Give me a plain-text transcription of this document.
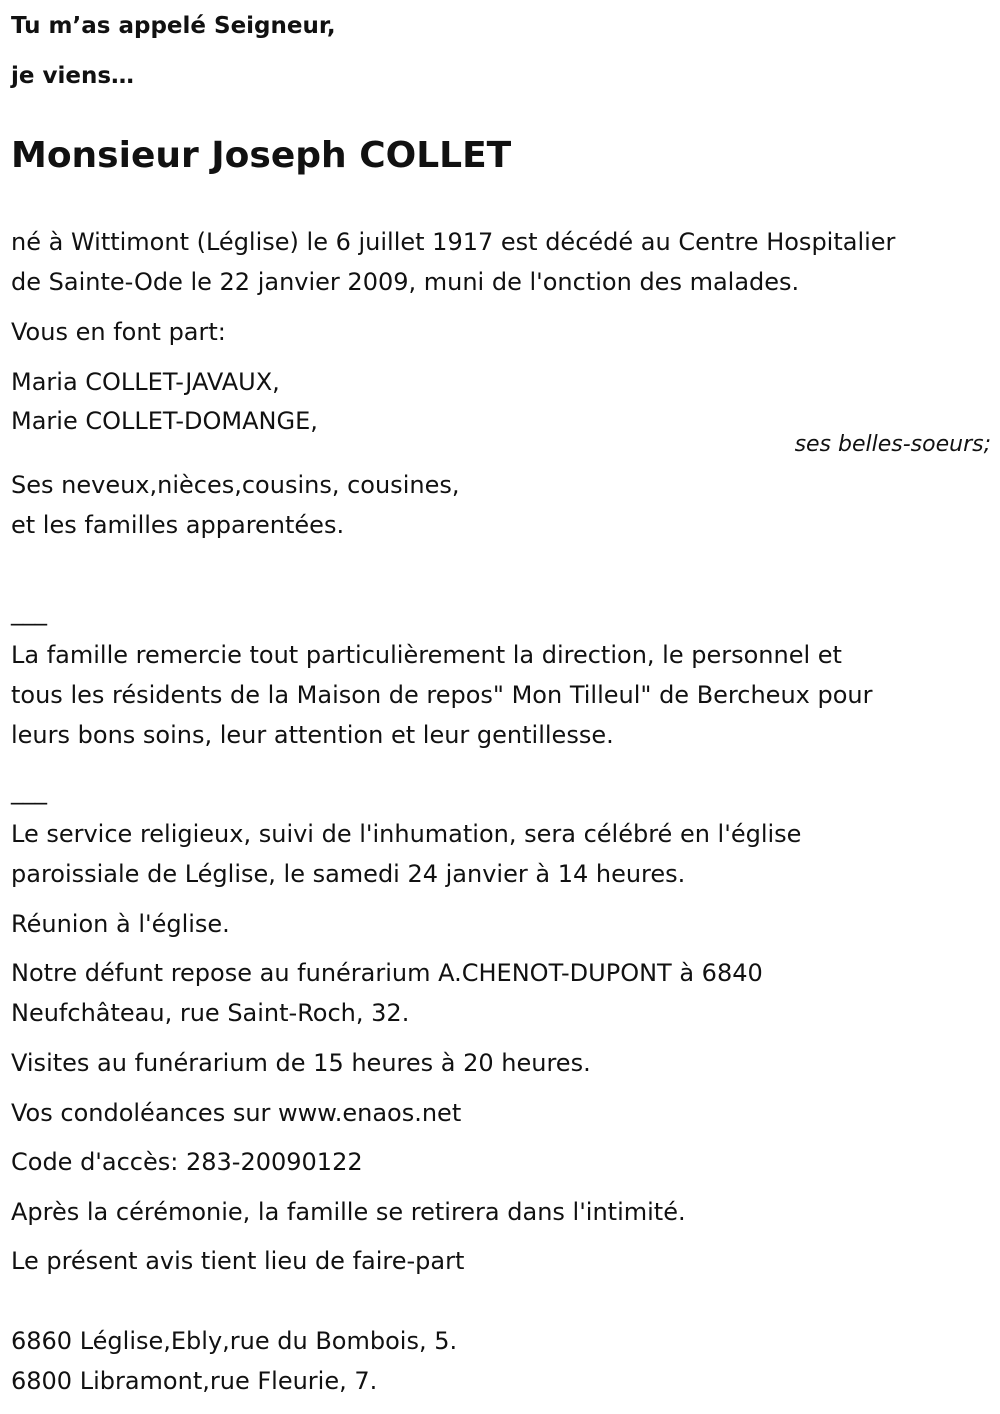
Tu m’as appelé Seigneur,

je viens…

Monsieur Joseph COLLET

né à Wittimont (Léglise) le 6 juillet 1917 est décédé au Centre Hospitalier

de Sainte-Ode le 22 janvier 2009, muni de l'onction des malades.

Vous en font part:

Maria COLLET-JAVAUX,

Marie COLLET-DOMANGE,

ses belles-soeurs;

Ses neveux,nièces,cousins, cousines,

et les familles apparentées.

___

La famille remercie tout particulièrement la direction, le personnel et

tous les résidents de la Maison de repos" Mon Tilleul" de Bercheux pour

leurs bons soins, leur attention et leur gentillesse.

___

Le service religieux, suivi de l'inhumation, sera célébré en l'église

paroissiale de Léglise, le samedi 24 janvier à 14 heures.

Réunion à l'église.

Notre défunt repose au funérarium A.CHENOT-DUPONT à 6840

Neufchâteau, rue Saint-Roch, 32.

Visites au funérarium de 15 heures à 20 heures.

Vos condoléances sur www.enaos.net

Code d'accès: 283-20090122

Après la cérémonie, la famille se retirera dans l'intimité.

Le présent avis tient lieu de faire-part

6860 Léglise,Ebly,rue du Bombois, 5.

6800 Libramont,rue Fleurie, 7.
